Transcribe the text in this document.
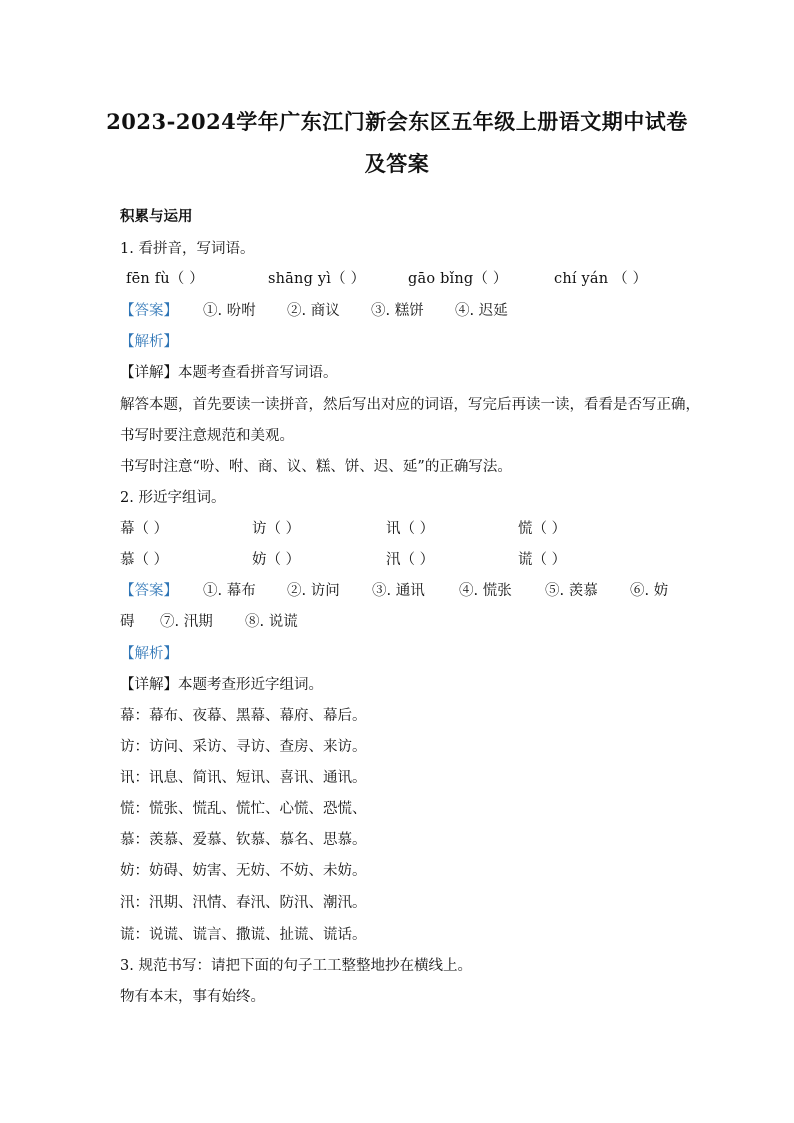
2023-2024学年广东江门新会东区五年级上册语文期中试卷
及答案
积累与运用
1. 看拼音，写词语。
fēn fù（ ）	shāng yì（ ）	gāo bǐng（ ）	chí yán （ ）
【答案】 ①. 吩咐 ②. 商议 ③. 糕饼 ④. 迟延
【解析】
【详解】本题考查看拼音写词语。
解答本题，首先要读一读拼音，然后写出对应的词语，写完后再读一读，看看是否写正确，
书写时要注意规范和美观。
书写时注意“吩、咐、商、议、糕、饼、迟、延”的正确写法。
2. 形近字组词。
幕（ ）	访（ ）	讯（ ）	慌（ ）
慕（ ）	妨（ ）	汛（ ）	谎（ ）
【答案】 ①. 幕布 ②. 访问 ③. 通讯 ④. 慌张 ⑤. 羡慕 ⑥. 妨
碍 ⑦. 汛期 ⑧. 说谎
【解析】
【详解】本题考查形近字组词。
幕：幕布、夜幕、黑幕、幕府、幕后。
访：访问、采访、寻访、查房、来访。
讯：讯息、简讯、短讯、喜讯、通讯。
慌：慌张、慌乱、慌忙、心慌、恐慌、
慕：羡慕、爱慕、钦慕、慕名、思慕。
妨：妨碍、妨害、无妨、不妨、未妨。
汛：汛期、汛情、春汛、防汛、潮汛。
谎：说谎、谎言、撒谎、扯谎、谎话。
3. 规范书写：请把下面的句子工工整整地抄在横线上。
物有本末，事有始终。
